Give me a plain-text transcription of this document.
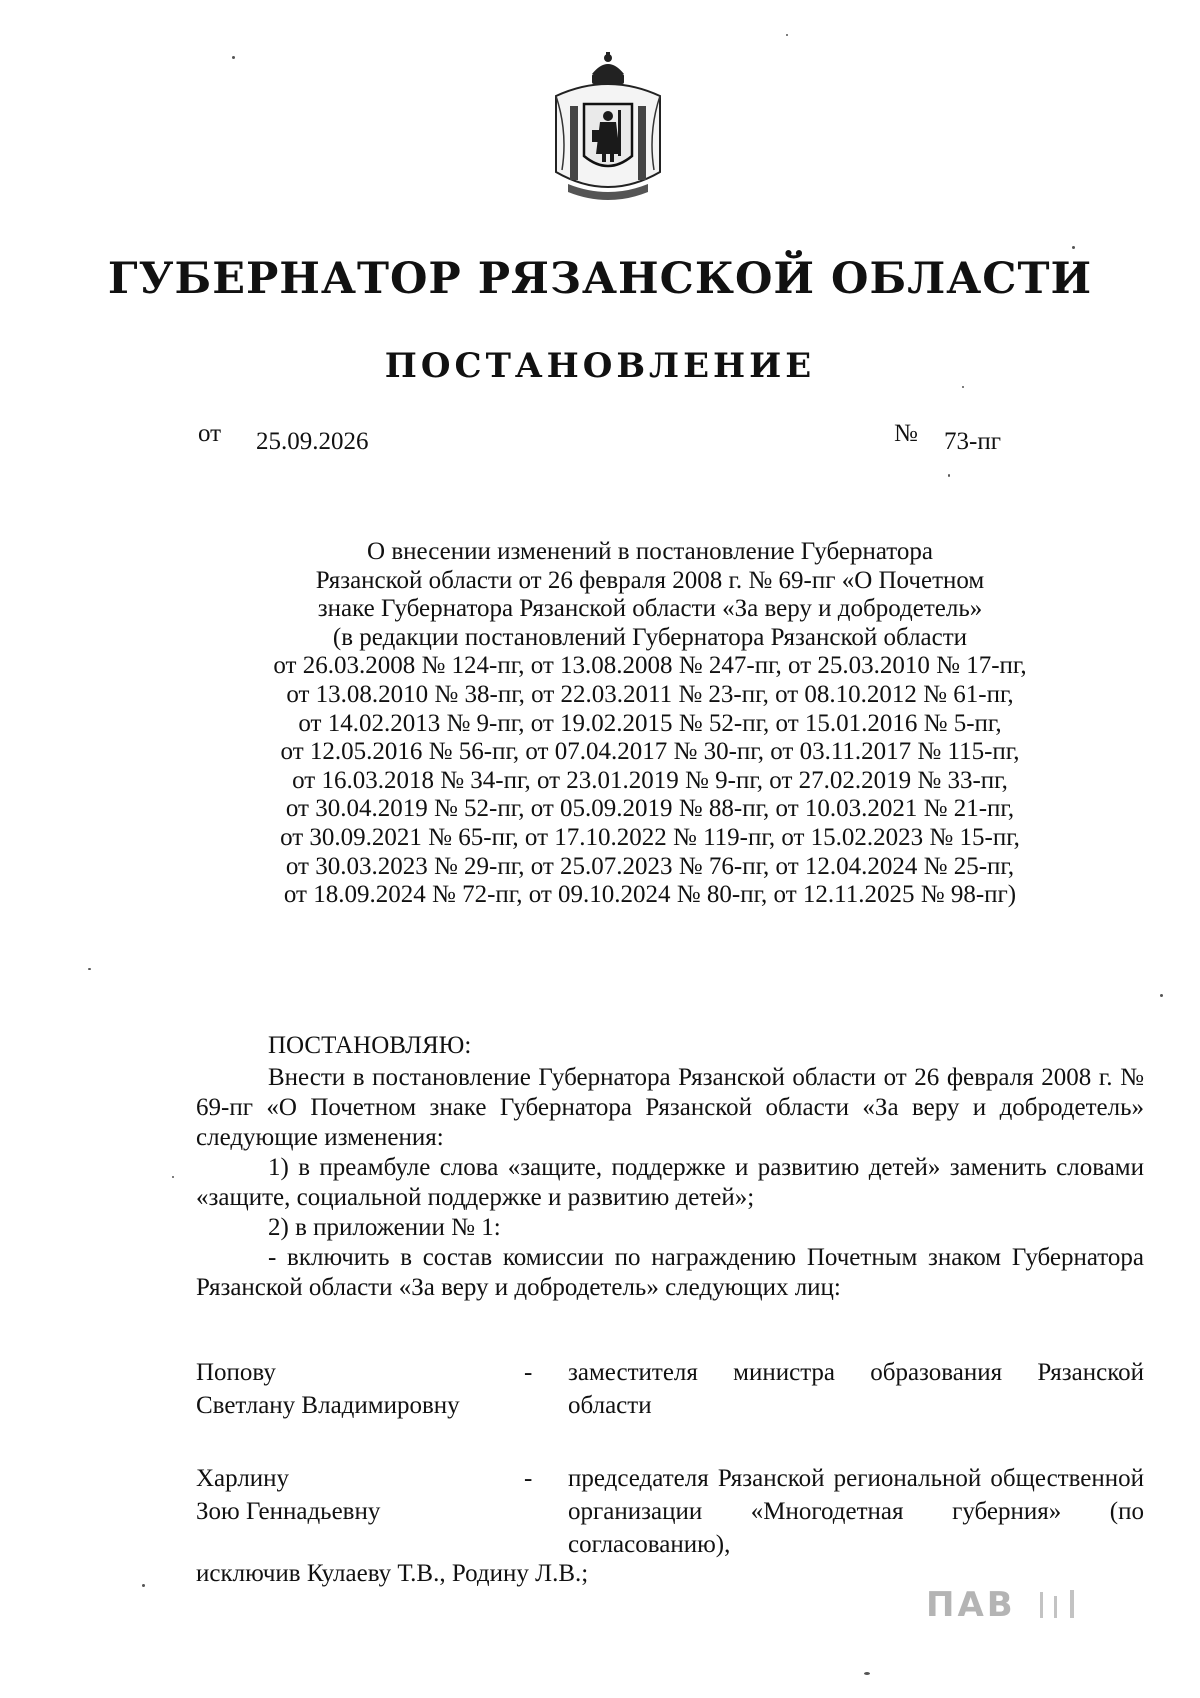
ГУБЕРНАТОР РЯЗАНСКОЙ ОБЛАСТИ
ПОСТАНОВЛЕНИЕ
от 25.09.2026	№ 73-пг
О внесении изменений в постановление Губернатора
Рязанской области от 26 февраля 2008 г. № 69-пг «О Почетном
знаке Губернатора Рязанской области «За веру и добродетель»
(в редакции постановлений Губернатора Рязанской области
от 26.03.2008 № 124-пг, от 13.08.2008 № 247-пг, от 25.03.2010 № 17-пг,
от 13.08.2010 № 38-пг, от 22.03.2011 № 23-пг, от 08.10.2012 № 61-пг,
от 14.02.2013 № 9-пг, от 19.02.2015 № 52-пг, от 15.01.2016 № 5-пг,
от 12.05.2016 № 56-пг, от 07.04.2017 № 30-пг, от 03.11.2017 № 115-пг,
от 16.03.2018 № 34-пг, от 23.01.2019 № 9-пг, от 27.02.2019 № 33-пг,
от 30.04.2019 № 52-пг, от 05.09.2019 № 88-пг, от 10.03.2021 № 21-пг,
от 30.09.2021 № 65-пг, от 17.10.2022 № 119-пг, от 15.02.2023 № 15-пг,
от 30.03.2023 № 29-пг, от 25.07.2023 № 76-пг, от 12.04.2024 № 25-пг,
от 18.09.2024 № 72-пг, от 09.10.2024 № 80-пг, от 12.11.2025 № 98-пг)
ПОСТАНОВЛЯЮ:

Внести в постановление Губернатора Рязанской области от 26 февраля 2008 г. № 69-пг «О Почетном знаке Губернатора Рязанской области «За веру и добродетель» следующие изменения:

1) в преамбуле слова «защите, поддержке и развитию детей» заменить словами «защите, социальной поддержке и развитию детей»;

2) в приложении № 1:

- включить в состав комиссии по награждению Почетным знаком Губернатора Рязанской области «За веру и добродетель» следующих лиц:

Попову
Светлану Владимировну
- заместителя министра образования Рязанской области
Харлину
Зою Геннадьевну
- председателя Рязанской региональной общественной организации «Многодетная губерния» (по согласованию),
исключив Кулаеву Т.В., Родину Л.В.;
ПАВ
